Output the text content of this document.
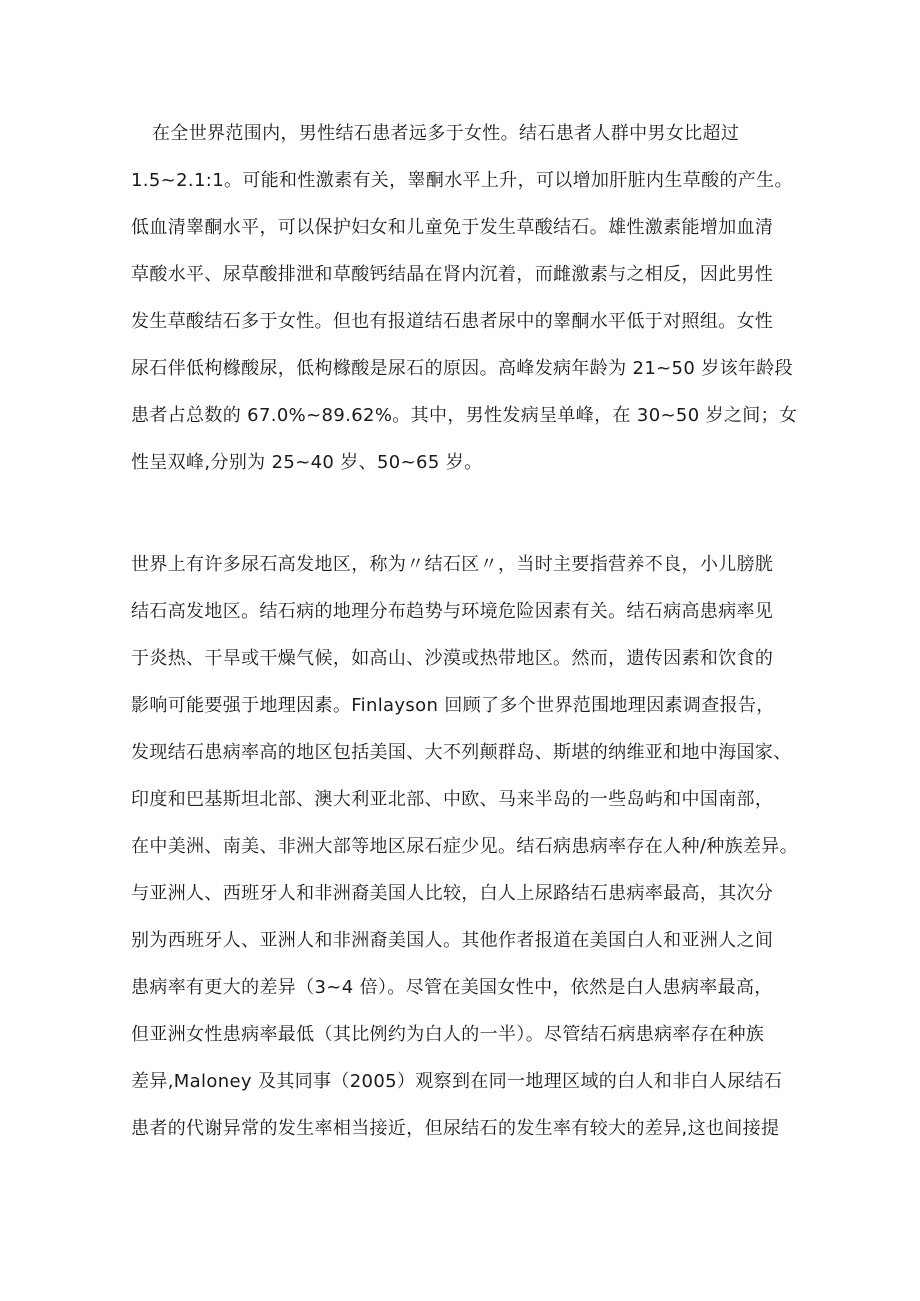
在全世界范围内，男性结石患者远多于女性。结石患者人群中男女比超过
1.5~2.1:1。可能和性激素有关，睾酮水平上升，可以增加肝脏内生草酸的产生。
低血清睾酮水平，可以保护妇女和儿童免于发生草酸结石。雄性激素能增加血清
草酸水平、尿草酸排泄和草酸钙结晶在肾内沉着，而雌激素与之相反，因此男性
发生草酸结石多于女性。但也有报道结石患者尿中的睾酮水平低于对照组。女性
尿石伴低枸橼酸尿，低枸橼酸是尿石的原因。高峰发病年龄为 21~50 岁该年龄段
患者占总数的 67.0%~89.62%。其中，男性发病呈单峰，在 30~50 岁之间；女
性呈双峰,分别为 25~40 岁、50~65 岁。
世界上有许多尿石高发地区，称为〃结石区〃，当时主要指营养不良，小儿膀胱
结石高发地区。结石病的地理分布趋势与环境危险因素有关。结石病高患病率见
于炎热、干旱或干燥气候，如高山、沙漠或热带地区。然而，遗传因素和饮食的
影响可能要强于地理因素。Finlayson 回顾了多个世界范围地理因素调查报告，
发现结石患病率高的地区包括美国、大不列颠群岛、斯堪的纳维亚和地中海国家、
印度和巴基斯坦北部、澳大利亚北部、中欧、马来半岛的一些岛屿和中国南部，
在中美洲、南美、非洲大部等地区尿石症少见。结石病患病率存在人种/种族差异。
与亚洲人、西班牙人和非洲裔美国人比较，白人上尿路结石患病率最高，其次分
别为西班牙人、亚洲人和非洲裔美国人。其他作者报道在美国白人和亚洲人之间
患病率有更大的差异（3~4 倍）。尽管在美国女性中，依然是白人患病率最高，
但亚洲女性患病率最低（其比例约为白人的一半）。尽管结石病患病率存在种族
差异,Maloney 及其同事（2005）观察到在同一地理区域的白人和非白人尿结石
患者的代谢异常的发生率相当接近，但尿结石的发生率有较大的差异,这也间接提
